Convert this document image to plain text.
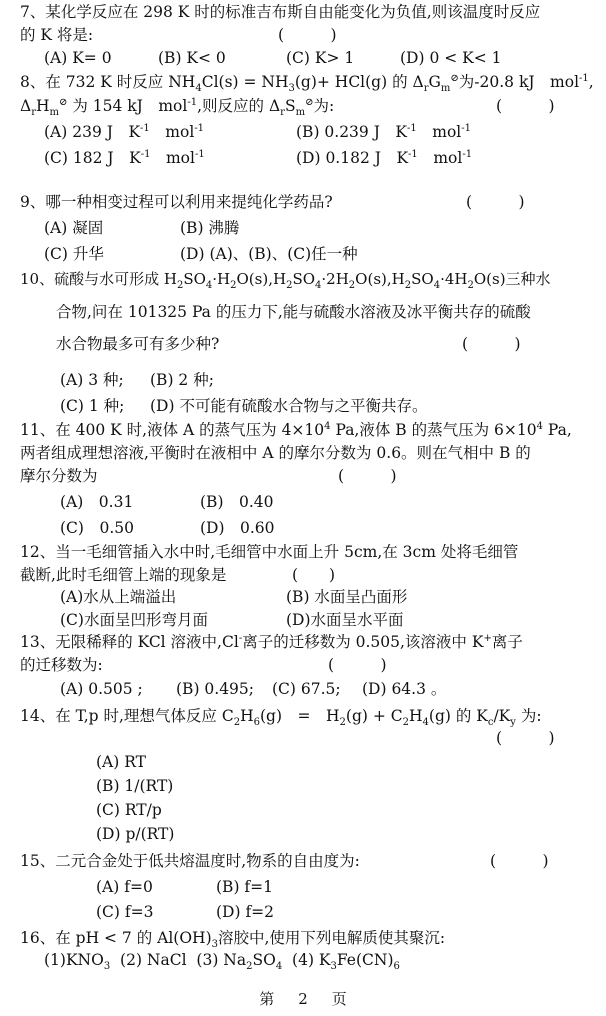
7、某化学反应在 298 K 时的标准吉布斯自由能变化为负值,则该温度时反应
的 K 将是:	(　　　)
(A) K= 0	(B) K< 0	(C) K> 1	(D) 0 < K< 1
8、在 732 K 时反应 $NH_4Cl(s) = NH_3(g)+ HCl(g)$ 的 $\Delta_rG_m^⊘$为-20.8 kJ　mol$^{-1}$,
$\Delta_rH_m^⊘$ 为 154 kJ　mol$^{-1}$,则反应的 $\Delta_rS_m^⊘$为:	(　　　)
(A) 239 J　$K^{-1}$　 mol$^{-1}$	(B) 0.239 J　$K^{-1}$　 mol$^{-1}$
(C) 182 J　$K^{-1}$　 mol$^{-1}$	(D) 0.182 J　$K^{-1}$　 mol$^{-1}$
9、哪一种相变过程可以利用来提纯化学药品?	(　　　)
(A) 凝固	(B) 沸腾
(C) 升华	(D) (A)、(B)、(C)任一种
10、硫酸与水可形成 $H_2SO_4\cdot H_2O(s),H_2SO_4\cdot 2H_2O(s),H_2SO_4\cdot 4H_2O(s)$三种水
合物,问在 101325 Pa 的压力下,能与硫酸水溶液及冰平衡共存的硫酸
水合物最多可有多少种?	(　　　)
(A) 3 种; (B) 2 种;
(C) 1 种; (D) 不可能有硫酸水合物与之平衡共存。
11、在 400 K 时,液体 A 的蒸气压为 $4\times 10^4$ Pa,液体 B 的蒸气压为 $6\times 10^4$ Pa,
两者组成理想溶液,平衡时在液相中 A 的摩尔分数为 0.6。则在气相中 B 的
摩尔分数为	(　　　)
(A)　0.31	(B)　0.40
(C)　0.50	(D)　0.60
12、当一毛细管插入水中时,毛细管中水面上升 5cm,在 3cm 处将毛细管
截断,此时毛细管上端的现象是	(　　)
(A)水从上端溢出	(B) 水面呈凸面形
(C)水面呈凹形弯月面	(D)水面呈水平面
13、无限稀释的 KCl 溶液中,Cl-离子的迁移数为 0.505,该溶液中 K+离子
的迁移数为:	(　　　)
(A) 0.505 ; (B) 0.495; (C) 67.5; (D) 64.3 。
14、在 T,p 时,理想气体反应 $C_2H_6(g)$　=　$H_2(g) + C_2H_4(g)$ 的 $K_c/K_y$ 为:
(　　　)
(A) RT
(B) 1/(RT)
(C) RT/p
(D) p/(RT)
15、二元合金处于低共熔温度时,物系的自由度为:	(　　　)
(A) f=0	(B) f=1
(C) f=3	(D) f=2
16、在 pH < 7 的 $Al(OH)_3$溶胶中,使用下列电解质使其聚沉:
$(1)KNO_3$ (2) NaCl (3) $Na_2SO_4$ (4) $K_3Fe(CN)_6$
第 2 页
